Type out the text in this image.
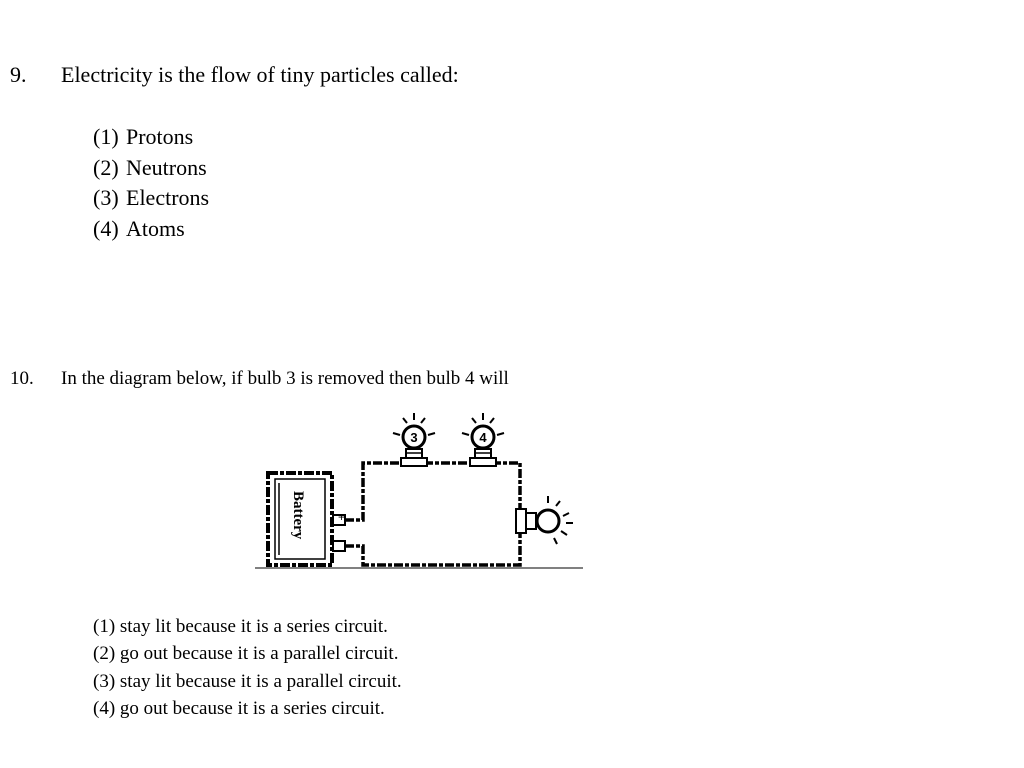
9. Electricity is the flow of tiny particles called:
(1) Protons
(2) Neutrons
(3) Electrons
(4) Atoms
10. In the diagram below, if bulb 3 is removed then bulb 4 will
Battery	+
3	4
(1) stay lit because it is a series circuit.
(2) go out because it is a parallel circuit.
(3) stay lit because it is a parallel circuit.
(4) go out because it is a series circuit.
